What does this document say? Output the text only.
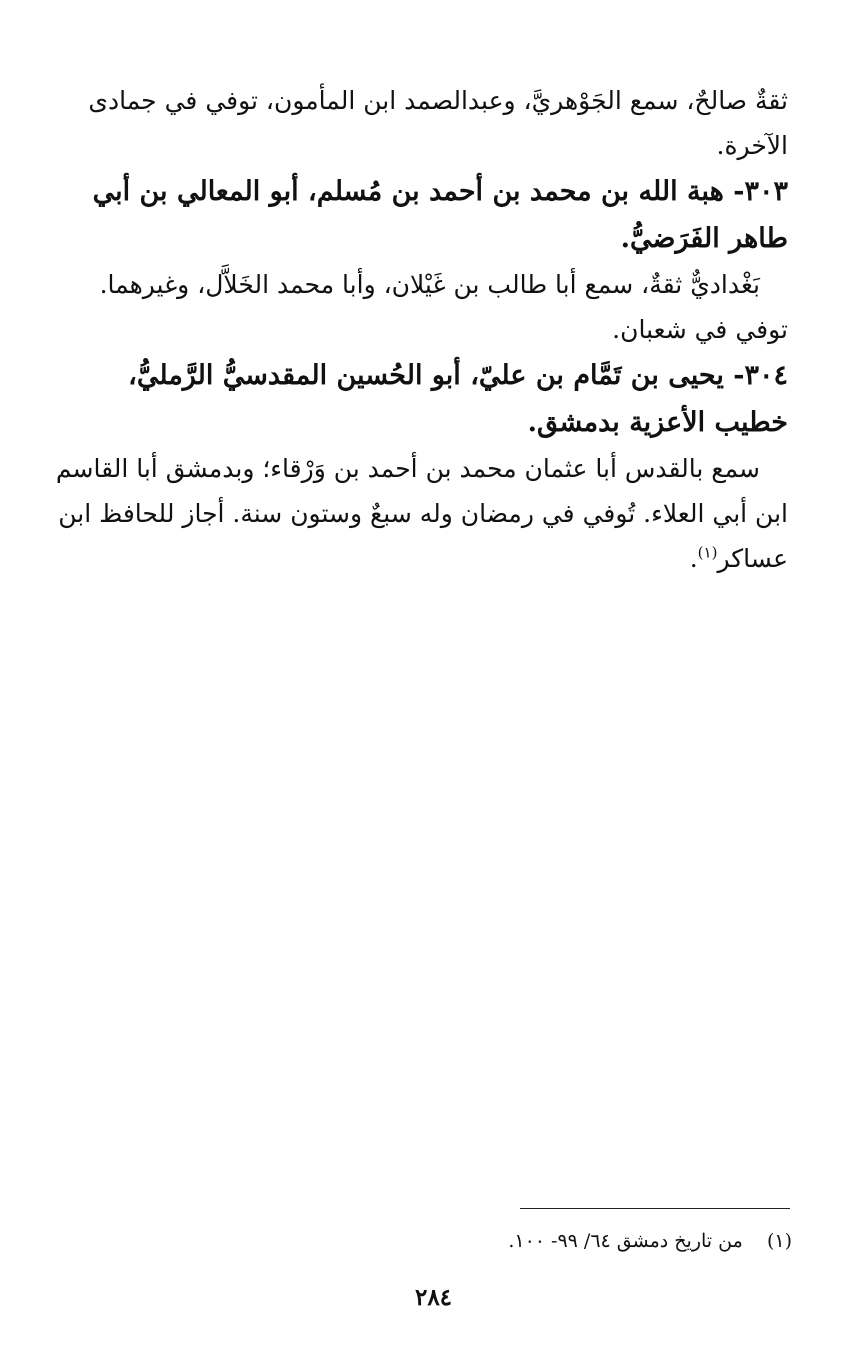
ثقةٌ صالحٌ، سمع الجَوْهريَّ، وعبدالصمد ابن المأمون، توفي في جمادى
الآخرة.

٣٠٣- هبة الله بن محمد بن أحمد بن مُسلم، أبو المعالي بن أبي
طاهر الفَرَضيُّ.

بَغْداديٌّ ثقةٌ، سمع أبا طالب بن غَيْلان، وأبا محمد الخَلاَّل، وغيرهما.
توفي في شعبان.

٣٠٤- يحيى بن تَمَّام بن عليّ، أبو الحُسين المقدسيُّ الرَّمليُّ،
خطيب الأعزية بدمشق.

سمع بالقدس أبا عثمان محمد بن أحمد بن وَرْقاء؛ وبدمشق أبا القاسم
ابن أبي العلاء. تُوفي في رمضان وله سبعٌ وستون سنة. أجاز للحافظ ابن
عساكر$^{(١)}$.

(١)    من تاريخ دمشق ٦٤/ ٩٩- ١٠٠.
٢٨٤
